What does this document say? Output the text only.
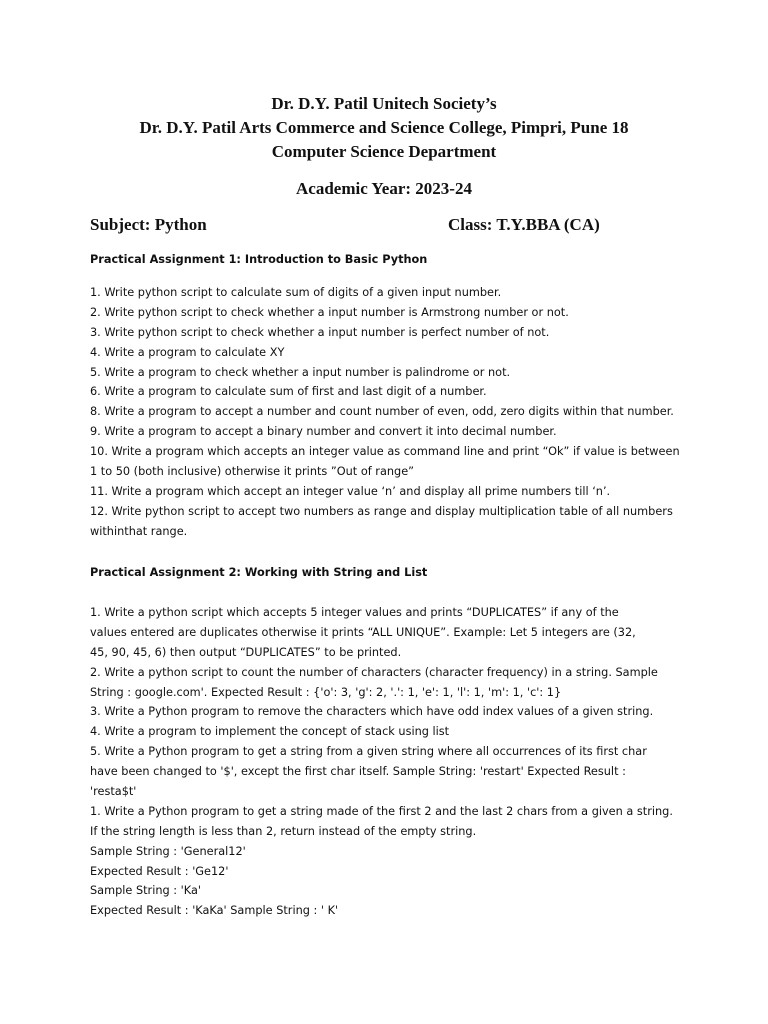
Dr. D.Y. Patil Unitech Society’s
Dr. D.Y. Patil Arts Commerce and Science College, Pimpri, Pune 18
Computer Science Department
Academic Year: 2023-24
Subject: Python	Class: T.Y.BBA (CA)
Practical Assignment 1: Introduction to Basic Python
1. Write python script to calculate sum of digits of a given input number.
2. Write python script to check whether a input number is Armstrong number or not.
3. Write python script to check whether a input number is perfect number of not.
4. Write a program to calculate XY
5. Write a program to check whether a input number is palindrome or not.
6. Write a program to calculate sum of first and last digit of a number.
8. Write a program to accept a number and count number of even, odd, zero digits within that number.
9. Write a program to accept a binary number and convert it into decimal number.
10. Write a program which accepts an integer value as command line and print “Ok” if value is between
1 to 50 (both inclusive) otherwise it prints ”Out of range”
11. Write a program which accept an integer value ‘n’ and display all prime numbers till ‘n’.
12. Write python script to accept two numbers as range and display multiplication table of all numbers
withinthat range.
Practical Assignment 2: Working with String and List
1. Write a python script which accepts 5 integer values and prints “DUPLICATES” if any of the
values entered are duplicates otherwise it prints “ALL UNIQUE”. Example: Let 5 integers are (32,
45, 90, 45, 6) then output “DUPLICATES” to be printed.
2. Write a python script to count the number of characters (character frequency) in a string. Sample
String : google.com'. Expected Result : {'o': 3, 'g': 2, '.': 1, 'e': 1, 'l': 1, 'm': 1, 'c': 1}
3. Write a Python program to remove the characters which have odd index values of a given string.
4. Write a program to implement the concept of stack using list
5. Write a Python program to get a string from a given string where all occurrences of its first char
have been changed to '$', except the first char itself. Sample String: 'restart' Expected Result :
'resta$t'
1. Write a Python program to get a string made of the first 2 and the last 2 chars from a given a string.
If the string length is less than 2, return instead of the empty string.
Sample String : 'General12'
Expected Result : 'Ge12'
Sample String : 'Ka'
Expected Result : 'KaKa' Sample String : ' K'
